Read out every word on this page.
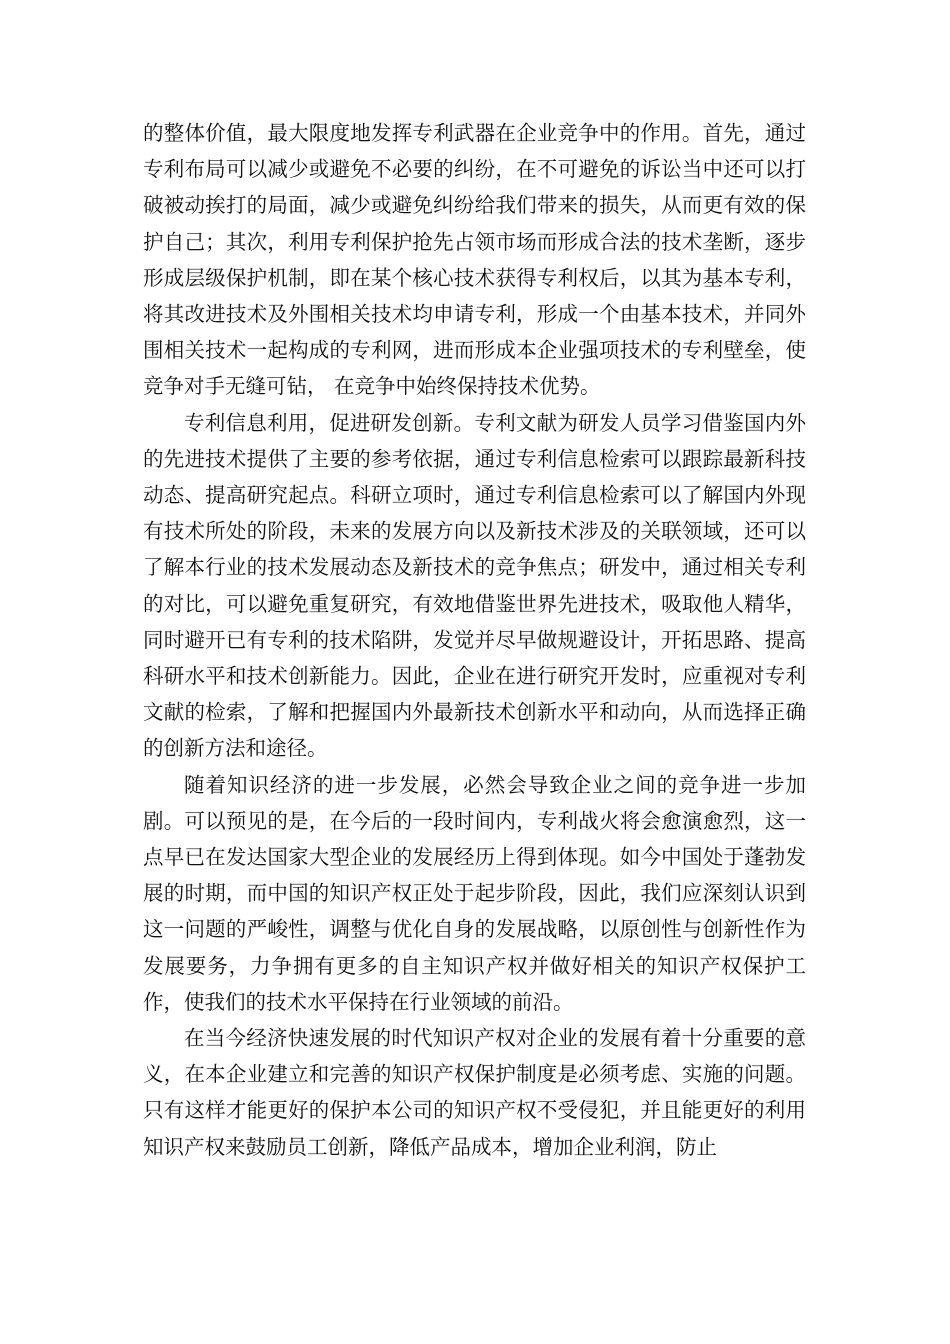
的整体价值，最大限度地发挥专利武器在企业竞争中的作用。首先，通过专利布局可以减少或避免不必要的纠纷，在不可避免的诉讼当中还可以打破被动挨打的局面，减少或避免纠纷给我们带来的损失，从而更有效的保护自己；其次，利用专利保护抢先占领市场而形成合法的技术垄断，逐步形成层级保护机制，即在某个核心技术获得专利权后，以其为基本专利，将其改进技术及外围相关技术均申请专利，形成一个由基本技术，并同外围相关技术一起构成的专利网，进而形成本企业强项技术的专利壁垒，使竞争对手无缝可钻， 在竞争中始终保持技术优势。

专利信息利用，促进研发创新。专利文献为研发人员学习借鉴国内外的先进技术提供了主要的参考依据，通过专利信息检索可以跟踪最新科技动态、提高研究起点。科研立项时，通过专利信息检索可以了解国内外现有技术所处的阶段，未来的发展方向以及新技术涉及的关联领域，还可以了解本行业的技术发展动态及新技术的竞争焦点；研发中，通过相关专利的对比，可以避免重复研究，有效地借鉴世界先进技术，吸取他人精华，同时避开已有专利的技术陷阱，发觉并尽早做规避设计，开拓思路、提高科研水平和技术创新能力。因此，企业在进行研究开发时，应重视对专利文献的检索，了解和把握国内外最新技术创新水平和动向，从而选择正确的创新方法和途径。

随着知识经济的进一步发展，必然会导致企业之间的竞争进一步加剧。可以预见的是，在今后的一段时间内，专利战火将会愈演愈烈，这一点早已在发达国家大型企业的发展经历上得到体现。如今中国处于蓬勃发展的时期，而中国的知识产权正处于起步阶段，因此，我们应深刻认识到这一问题的严峻性，调整与优化自身的发展战略，以原创性与创新性作为发展要务，力争拥有更多的自主知识产权并做好相关的知识产权保护工作，使我们的技术水平保持在行业领域的前沿。

在当今经济快速发展的时代知识产权对企业的发展有着十分重要的意义，在本企业建立和完善的知识产权保护制度是必须考虑、实施的问题。只有这样才能更好的保护本公司的知识产权不受侵犯，并且能更好的利用知识产权来鼓励员工创新，降低产品成本，增加企业利润，防止
